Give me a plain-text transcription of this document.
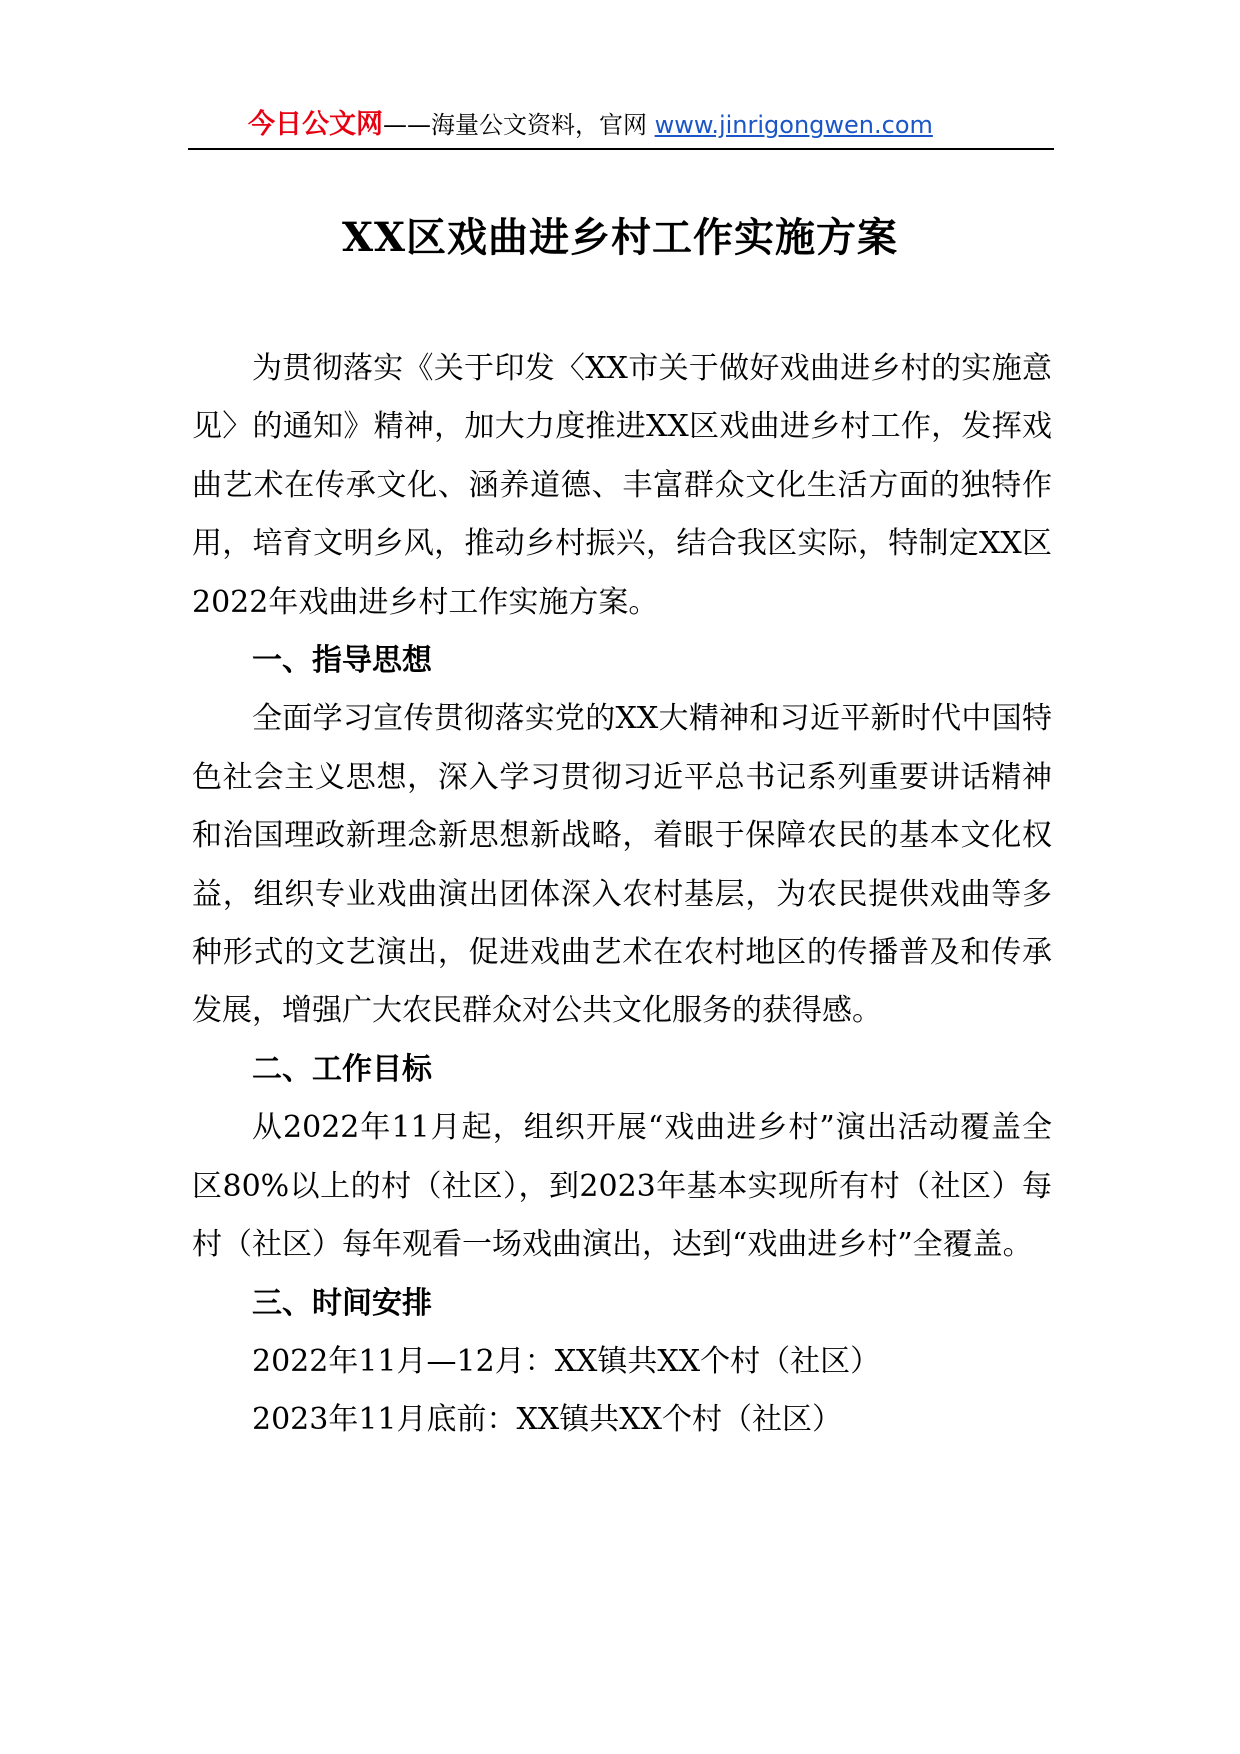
今日公文网——海量公文资料，官网 www.jinrigongwen.com
XX区戏曲进乡村工作实施方案

为贯彻落实《关于印发〈XX市关于做好戏曲进乡村的实施意见〉的通知》精神，加大力度推进XX区戏曲进乡村工作，发挥戏曲艺术在传承文化、涵养道德、丰富群众文化生活方面的独特作用，培育文明乡风，推动乡村振兴，结合我区实际，特制定XX区2022年戏曲进乡村工作实施方案。

一、指导思想

全面学习宣传贯彻落实党的XX大精神和习近平新时代中国特色社会主义思想，深入学习贯彻习近平总书记系列重要讲话精神和治国理政新理念新思想新战略，着眼于保障农民的基本文化权益，组织专业戏曲演出团体深入农村基层，为农民提供戏曲等多种形式的文艺演出，促进戏曲艺术在农村地区的传播普及和传承发展，增强广大农民群众对公共文化服务的获得感。

二、工作目标

从2022年11月起，组织开展“戏曲进乡村”演出活动覆盖全区80%以上的村（社区），到2023年基本实现所有村（社区）每村（社区）每年观看一场戏曲演出，达到“戏曲进乡村”全覆盖。

三、时间安排

2022年11月—12月：XX镇共XX个村（社区）

2023年11月底前：XX镇共XX个村（社区）
